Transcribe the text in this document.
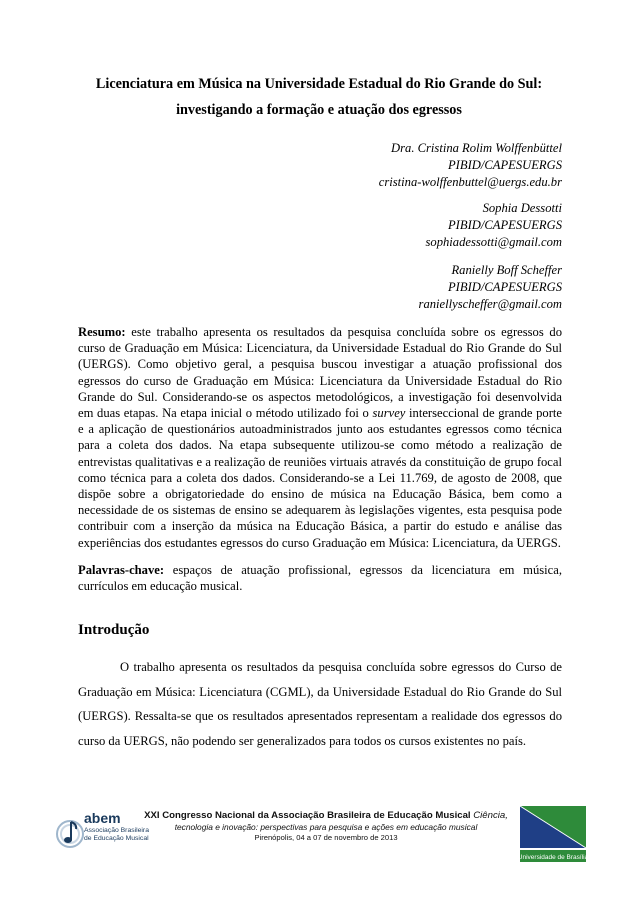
Licenciatura em Música na Universidade Estadual do Rio Grande do Sul:
investigando a formação e atuação dos egressos
Dra. Cristina Rolim Wolffenbüttel
PIBID/CAPESUERGS
cristina-wolffenbuttel@uergs.edu.br
Sophia Dessotti
PIBID/CAPESUERGS
sophiadessotti@gmail.com
Ranielly Boff Scheffer
PIBID/CAPESUERGS
raniellyscheffer@gmail.com

Resumo: este trabalho apresenta os resultados da pesquisa concluída sobre os egressos do curso de Graduação em Música: Licenciatura, da Universidade Estadual do Rio Grande do Sul (UERGS). Como objetivo geral, a pesquisa buscou investigar a atuação profissional dos egressos do curso de Graduação em Música: Licenciatura da Universidade Estadual do Rio Grande do Sul. Considerando-se os aspectos metodológicos, a investigação foi desenvolvida em duas etapas. Na etapa inicial o método utilizado foi o survey interseccional de grande porte e a aplicação de questionários autoadministrados junto aos estudantes egressos como técnica para a coleta dos dados. Na etapa subsequente utilizou-se como método a realização de entrevistas qualitativas e a realização de reuniões virtuais através da constituição de grupo focal como técnica para a coleta dos dados. Considerando-se a Lei 11.769, de agosto de 2008, que dispõe sobre a obrigatoriedade do ensino de música na Educação Básica, bem como a necessidade de os sistemas de ensino se adequarem às legislações vigentes, esta pesquisa pode contribuir com a inserção da música na Educação Básica, a partir do estudo e análise das experiências dos estudantes egressos do curso Graduação em Música: Licenciatura, da UERGS.

Palavras-chave: espaços de atuação profissional, egressos da licenciatura em música, currículos em educação musical.

Introdução

O trabalho apresenta os resultados da pesquisa concluída sobre egressos do Curso de Graduação em Música: Licenciatura (CGML), da Universidade Estadual do Rio Grande do Sul (UERGS). Ressalta-se que os resultados apresentados representam a realidade dos egressos do curso da UERGS, não podendo ser generalizados para todos os cursos existentes no país.

abem
Associação Brasileira
de Educação Musical
XXI Congresso Nacional da Associação Brasileira de Educação Musical Ciência,
tecnologia e inovação: perspectivas para pesquisa e ações em educação musical
Pirenópolis, 04 a 07 de novembro de 2013
Universidade de Brasília
